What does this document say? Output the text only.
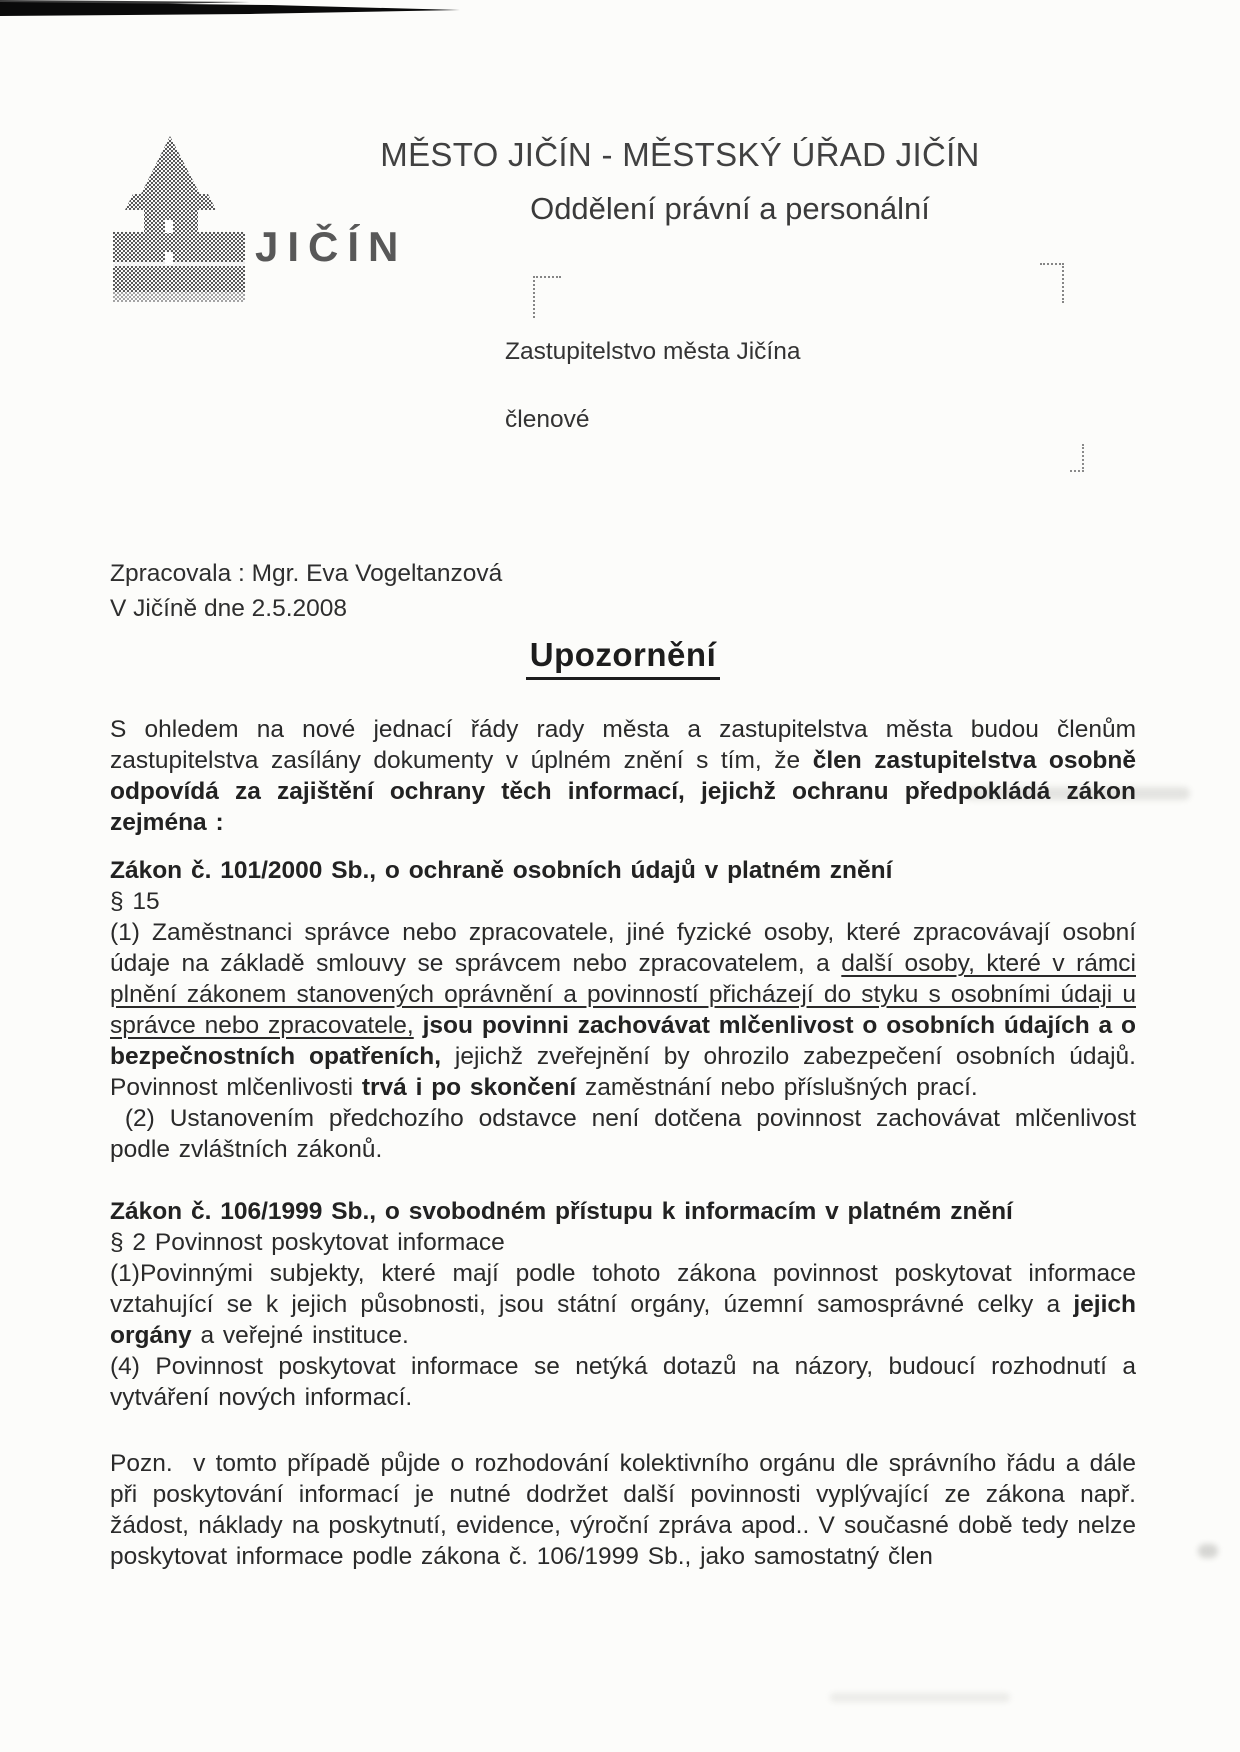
JIČÍN
MĚSTO JIČÍN - MĚSTSKÝ ÚŘAD JIČÍN
Oddělení právní a personální

Zastupitelstvo města Jičína

členové

Zpracovala : Mgr. Eva Vogeltanzová
V Jičíně dne 2.5.2008
Upozornění

S ohledem na nové jednací řády rady města a zastupitelstva města budou členům zastupitelstva zasílány dokumenty v úplném znění s tím, že člen zastupitelstva osobně odpovídá za zajištění ochrany těch informací, jejichž ochranu předpokládá zákon zejména :

Zákon č. 101/2000 Sb., o ochraně osobních údajů v platném znění

§ 15

(1) Zaměstnanci správce nebo zpracovatele, jiné fyzické osoby, které zpracovávají osobní údaje na základě smlouvy se správcem nebo zpracovatelem, a další osoby, které v rámci plnění zákonem stanovených oprávnění a povinností přicházejí do styku s osobními údaji u správce nebo zpracovatele, jsou povinni zachovávat mlčenlivost o osobních údajích a o bezpečnostních opatřeních, jejichž zveřejnění by ohrozilo zabezpečení osobních údajů. Povinnost mlčenlivosti trvá i po skončení zaměstnání nebo příslušných prací.

(2) Ustanovením předchozího odstavce není dotčena povinnost zachovávat mlčenlivost podle zvláštních zákonů.

Zákon č. 106/1999 Sb., o svobodném přístupu k informacím v platném znění

§ 2 Povinnost poskytovat informace

(1)Povinnými subjekty, které mají podle tohoto zákona povinnost poskytovat informace vztahující se k jejich působnosti, jsou státní orgány, územní samosprávné celky a jejich orgány a veřejné instituce.

(4) Povinnost poskytovat informace se netýká dotazů na názory, budoucí rozhodnutí a vytváření nových informací.

Pozn.  v tomto případě půjde o rozhodování kolektivního orgánu dle správního řádu a dále při poskytování informací je nutné dodržet další povinnosti vyplývající ze zákona např. žádost, náklady na poskytnutí, evidence, výroční zpráva apod.. V současné době tedy nelze poskytovat informace podle zákona č. 106/1999 Sb., jako samostatný člen
